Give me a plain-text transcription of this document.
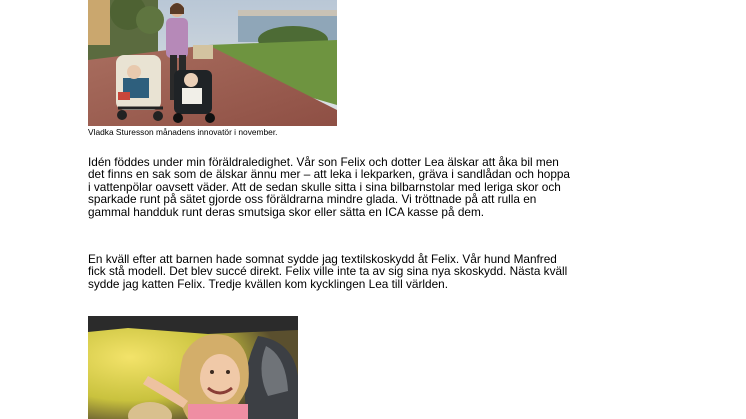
Vladka Sturesson månadens innovatör i november.

Idén föddes under min föräldraledighet. Vår son Felix och dotter Lea älskar att åka bil men
det finns en sak som de älskar ännu mer – att leka i lekparken, gräva i sandlådan och hoppa
i vattenpölar oavsett väder. Att de sedan skulle sitta i sina bilbarnstolar med leriga skor och
sparkade runt på sätet gjorde oss föräldrarna mindre glada. Vi tröttnade på att rulla en
gammal handduk runt deras smutsiga skor eller sätta en ICA kasse på dem.

En kväll efter att barnen hade somnat sydde jag textilskoskydd åt Felix. Vår hund Manfred
fick stå modell. Det blev succé direkt. Felix ville inte ta av sig sina nya skoskydd. Nästa kväll
sydde jag katten Felix. Tredje kvällen kom kycklingen Lea till världen.
